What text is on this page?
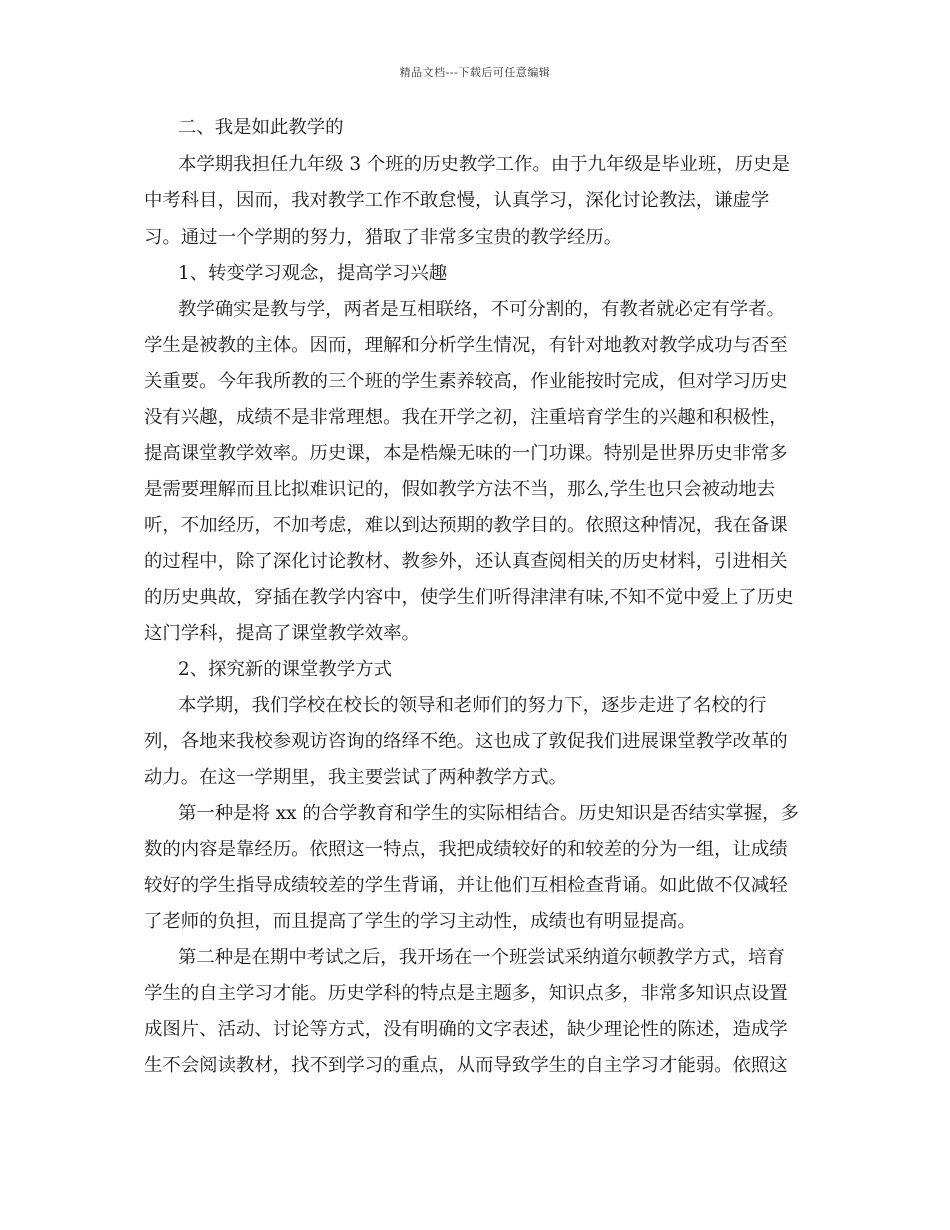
精品文档---下载后可任意编辑
二、我是如此教学的
本学期我担任九年级 3 个班的历史教学工作。由于九年级是毕业班，历史是
中考科目，因而，我对教学工作不敢怠慢，认真学习，深化讨论教法，谦虚学
习。通过一个学期的努力，猎取了非常多宝贵的教学经历。
1、转变学习观念，提高学习兴趣
教学确实是教与学，两者是互相联络，不可分割的，有教者就必定有学者。
学生是被教的主体。因而，理解和分析学生情况，有针对地教对教学成功与否至
关重要。今年我所教的三个班的学生素养较高，作业能按时完成，但对学习历史
没有兴趣，成绩不是非常理想。我在开学之初，注重培育学生的兴趣和积极性，
提高课堂教学效率。历史课，本是梏燥无味的一门功课。特别是世界历史非常多
是需要理解而且比拟难识记的，假如教学方法不当，那么,学生也只会被动地去
听，不加经历，不加考虑，难以到达预期的教学目的。依照这种情况，我在备课
的过程中，除了深化讨论教材、教参外，还认真查阅相关的历史材料，引进相关
的历史典故，穿插在教学内容中，使学生们听得津津有味,不知不觉中爱上了历史
这门学科，提高了课堂教学效率。
2、探究新的课堂教学方式
本学期，我们学校在校长的领导和老师们的努力下，逐步走进了名校的行
列，各地来我校参观访咨询的络绎不绝。这也成了敦促我们进展课堂教学改革的
动力。在这一学期里，我主要尝试了两种教学方式。
第一种是将 xx 的合学教育和学生的实际相结合。历史知识是否结实掌握，多
数的内容是靠经历。依照这一特点，我把成绩较好的和较差的分为一组，让成绩
较好的学生指导成绩较差的学生背诵，并让他们互相检查背诵。如此做不仅减轻
了老师的负担，而且提高了学生的学习主动性，成绩也有明显提高。
第二种是在期中考试之后，我开场在一个班尝试采纳道尔顿教学方式，培育
学生的自主学习才能。历史学科的特点是主题多，知识点多，非常多知识点设置
成图片、活动、讨论等方式，没有明确的文字表述，缺少理论性的陈述，造成学
生不会阅读教材，找不到学习的重点，从而导致学生的自主学习才能弱。依照这
